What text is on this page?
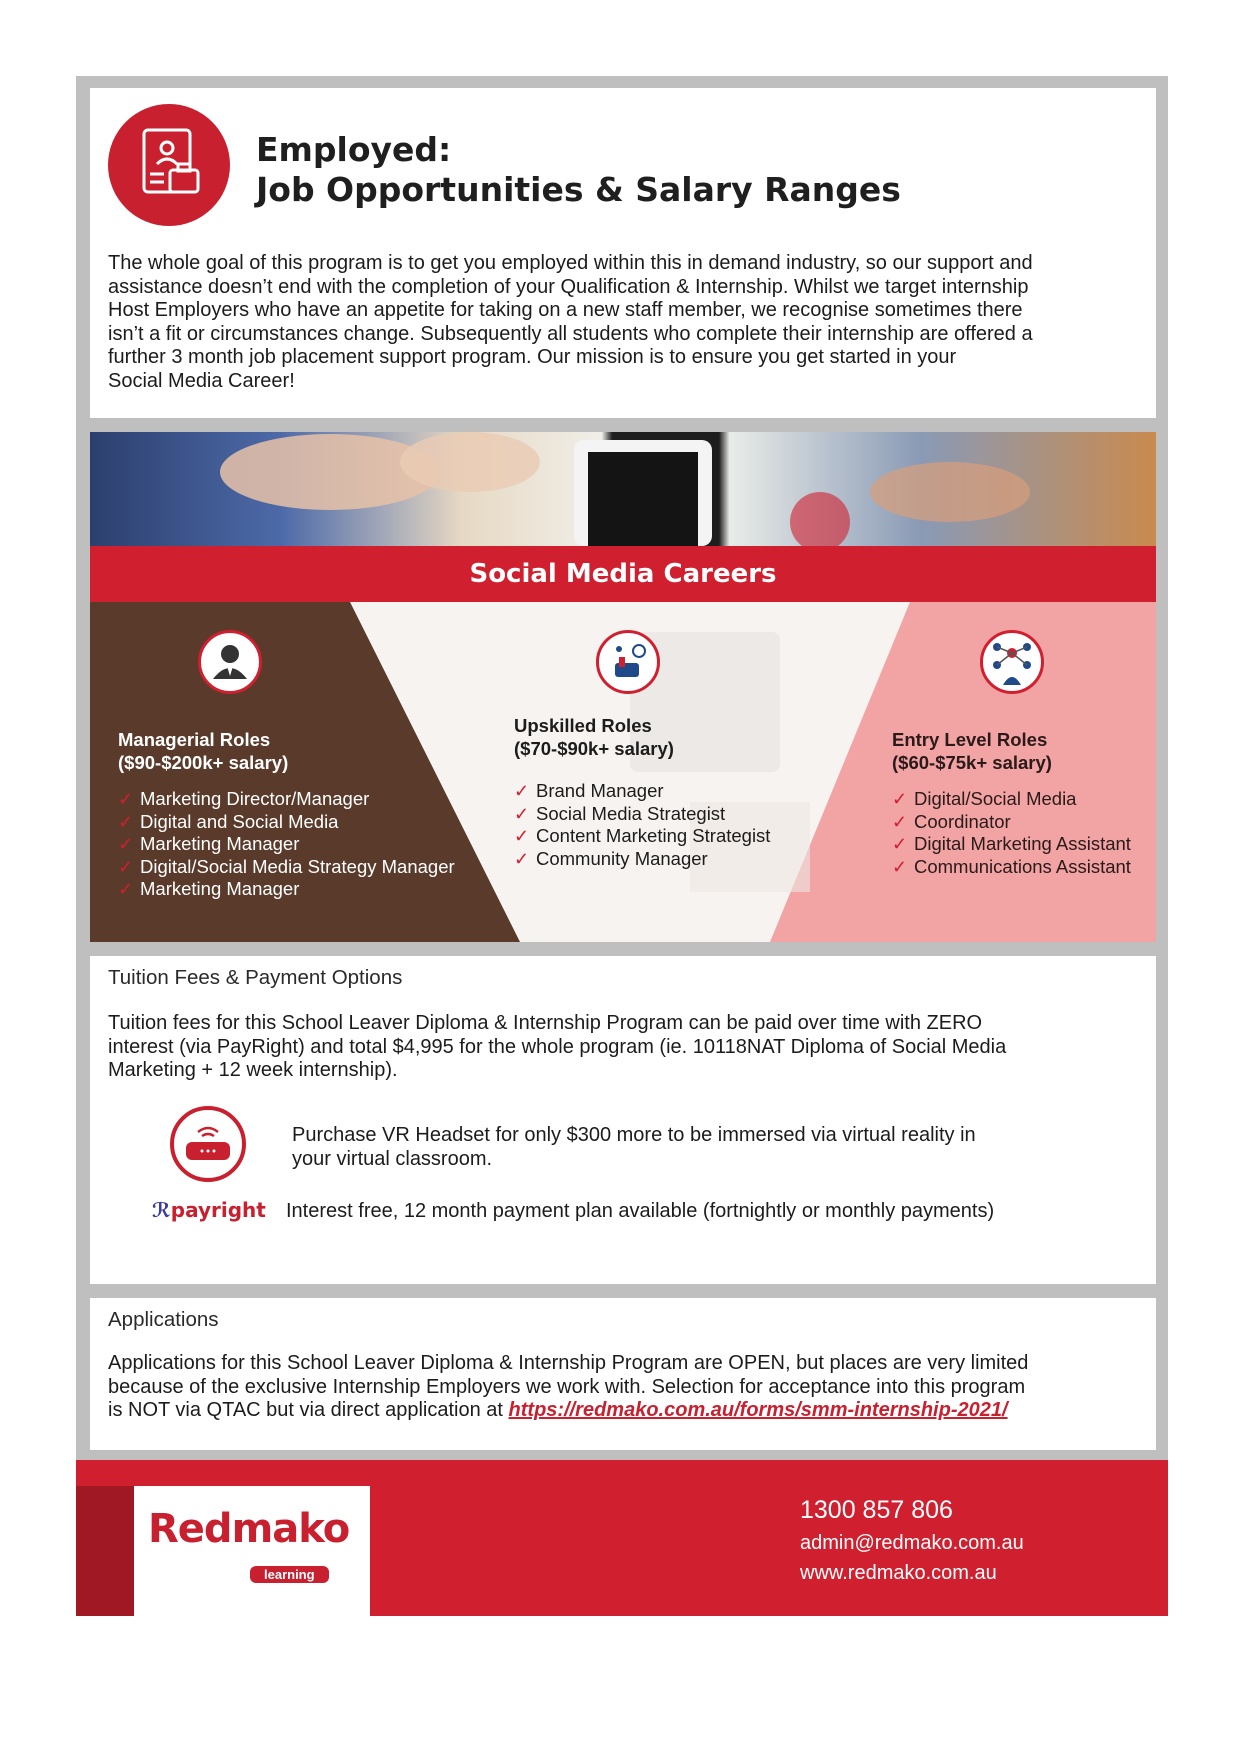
Employed:
Job Opportunities & Salary Ranges

The whole goal of this program is to get you employed within this in demand industry, so our support and
assistance doesn’t end with the completion of your Qualification & Internship. Whilst we target internship
Host Employers who have an appetite for taking on a new staff member, we recognise sometimes there
isn’t a fit or circumstances change. Subsequently all students who complete their internship are offered a
further 3 month job placement support program. Our mission is to ensure you get started in your
Social Media Career!

Social Media Careers
Managerial Roles
($90-$200k+ salary)
✓ Marketing Director/Manager
✓ Digital and Social Media
✓ Marketing Manager
✓ Digital/Social Media Strategy Manager
✓ Marketing Manager
Upskilled Roles
($70-$90k+ salary)
✓ Brand Manager
✓ Social Media Strategist
✓ Content Marketing Strategist
✓ Community Manager
Entry Level Roles
($60-$75k+ salary)
✓ Digital/Social Media
✓ Coordinator
✓ Digital Marketing Assistant
✓ Communications Assistant
Tuition Fees & Payment Options

Tuition fees for this School Leaver Diploma & Internship Program can be paid over time with ZERO
interest (via PayRight) and total $4,995 for the whole program (ie. 10118NAT Diploma of Social Media
Marketing + 12 week internship).

Purchase VR Headset for only $300 more to be immersed via virtual reality in
your virtual classroom.

ℛpayright Interest free, 12 month payment plan available (fortnightly or monthly payments)

Applications

Applications for this School Leaver Diploma & Internship Program are OPEN, but places are very limited
because of the exclusive Internship Employers we work with. Selection for acceptance into this program
is NOT via QTAC but via direct application at https://redmako.com.au/forms/smm-internship-2021/

Redmako
learning

1300 857 806

admin@redmako.com.au

www.redmako.com.au
